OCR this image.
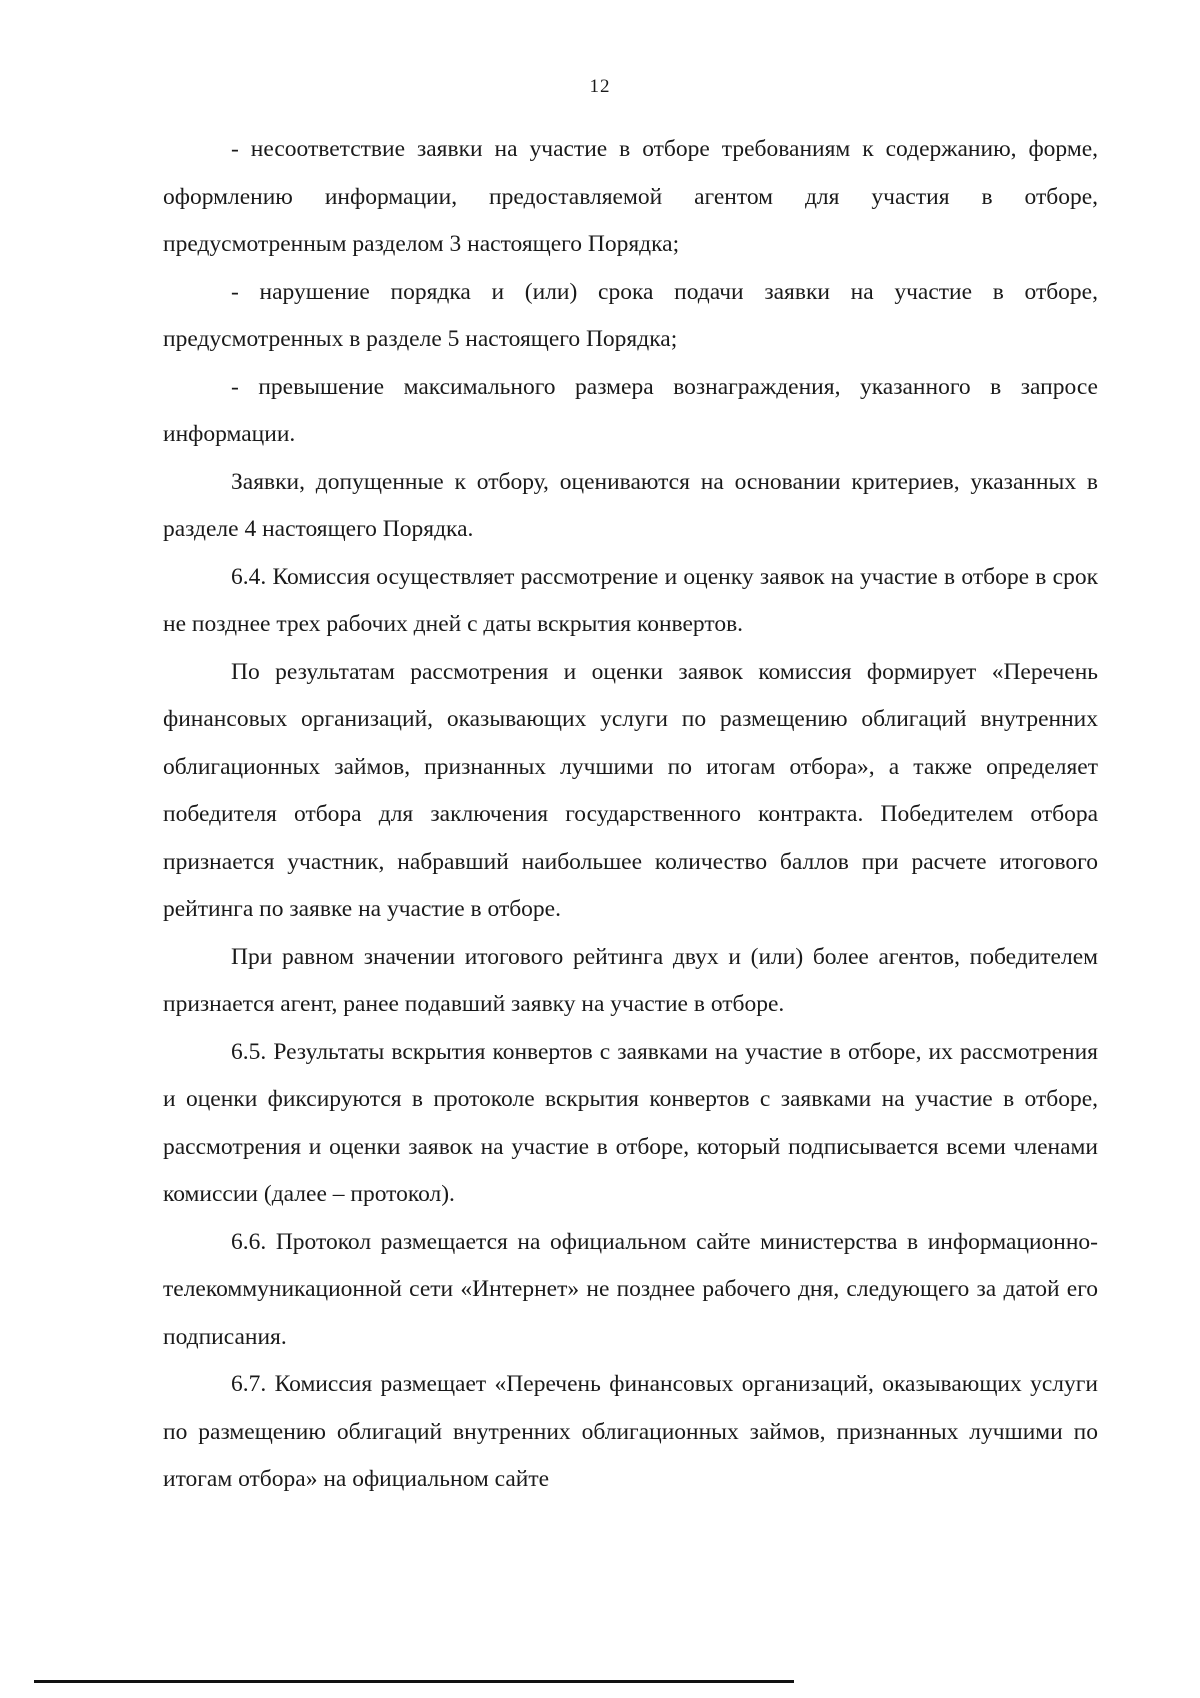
12

- несоответствие заявки на участие в отборе требованиям к содержанию, форме, оформлению информации, предоставляемой агентом для участия в отборе, предусмотренным разделом 3 настоящего Порядка;

- нарушение порядка и (или) срока подачи заявки на участие в отборе, предусмотренных в разделе 5 настоящего Порядка;

- превышение максимального размера вознаграждения, указанного в запросе информации.

Заявки, допущенные к отбору, оцениваются на основании критериев, указанных в разделе 4 настоящего Порядка.

6.4. Комиссия осуществляет рассмотрение и оценку заявок на участие в отборе в срок не позднее трех рабочих дней с даты вскрытия конвертов.

По результатам рассмотрения и оценки заявок комиссия формирует «Перечень финансовых организаций, оказывающих услуги по размещению облигаций внутренних облигационных займов, признанных лучшими по итогам отбора», а также определяет победителя отбора для заключения государственного контракта. Победителем отбора признается участник, набравший наибольшее количество баллов при расчете итогового рейтинга по заявке на участие в отборе.

При равном значении итогового рейтинга двух и (или) более агентов, победителем признается агент, ранее подавший заявку на участие в отборе.

6.5. Результаты вскрытия конвертов с заявками на участие в отборе, их рассмотрения и оценки фиксируются в протоколе вскрытия конвертов с заявками на участие в отборе, рассмотрения и оценки заявок на участие в отборе, который подписывается всеми членами комиссии (далее – протокол).

6.6. Протокол размещается на официальном сайте министерства в информационно-телекоммуникационной сети «Интернет» не позднее рабочего дня, следующего за датой его подписания.

6.7. Комиссия размещает «Перечень финансовых организаций, оказывающих услуги по размещению облигаций внутренних облигационных займов, признанных лучшими по итогам отбора» на официальном сайте
